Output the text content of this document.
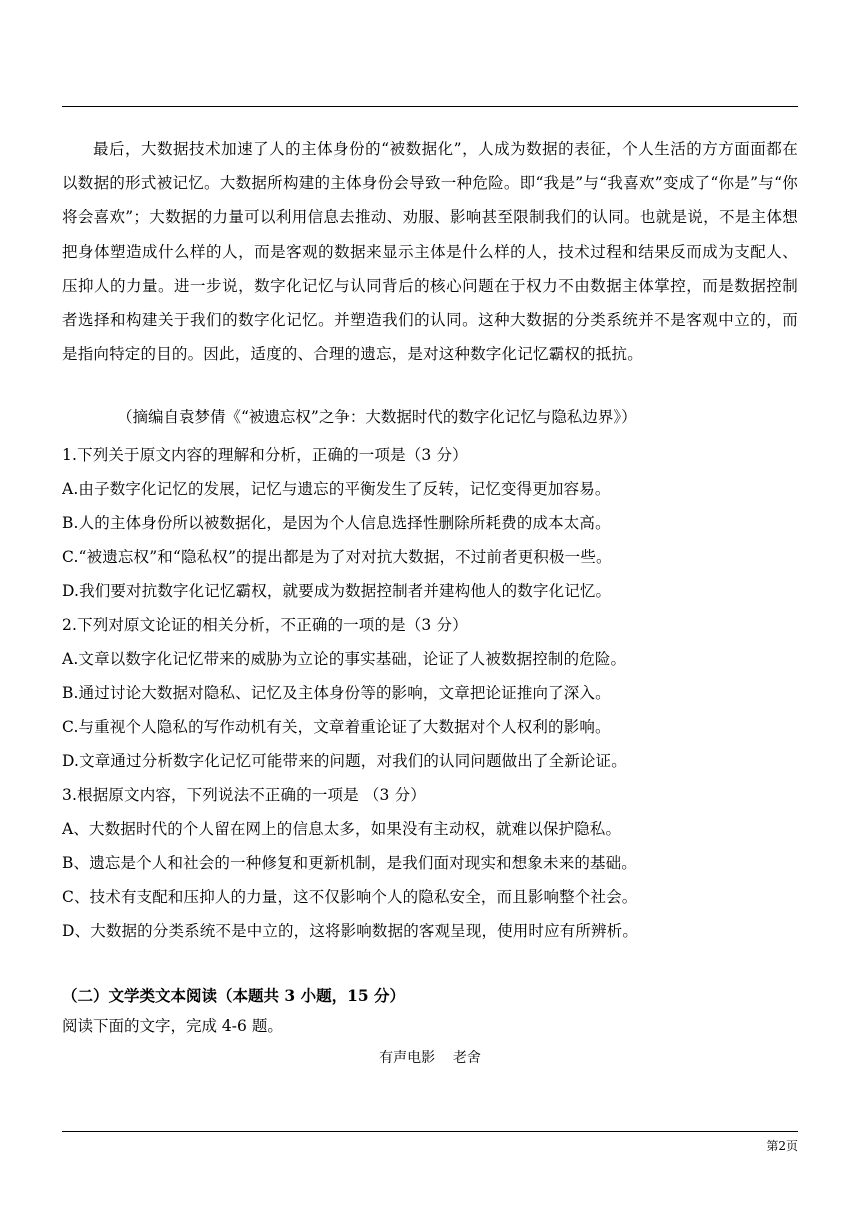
最后，大数据技术加速了人的主体身份的“被数据化”，人成为数据的表征，个人生活的方方面面都在以数据的形式被记忆。大数据所构建的主体身份会导致一种危险。即“我是”与“我喜欢”变成了“你是”与“你将会喜欢”；大数据的力量可以利用信息去推动、劝服、影响甚至限制我们的认同。也就是说，不是主体想把身体塑造成什么样的人，而是客观的数据来显示主体是什么样的人，技术过程和结果反而成为支配人、压抑人的力量。进一步说，数字化记忆与认同背后的核心问题在于权力不由数据主体掌控，而是数据控制者选择和构建关于我们的数字化记忆。并塑造我们的认同。这种大数据的分类系统并不是客观中立的，而是指向特定的目的。因此，适度的、合理的遗忘，是对这种数字化记忆霸权的抵抗。

（摘编自袁梦倩《“被遗忘权”之争：大数据时代的数字化记忆与隐私边界》）
1.下列关于原文内容的理解和分析，正确的一项是（3 分）
A.由子数字化记忆的发展，记忆与遗忘的平衡发生了反转，记忆变得更加容易。
B.人的主体身份所以被数据化，是因为个人信息选择性删除所耗费的成本太高。
C.“被遗忘权”和“隐私权”的提出都是为了对对抗大数据，不过前者更积极一些。
D.我们要对抗数字化记忆霸权，就要成为数据控制者并建构他人的数字化记忆。
2.下列对原文论证的相关分析，不正确的一项的是（3 分）
A.文章以数字化记忆带来的威胁为立论的事实基础，论证了人被数据控制的危险。
B.通过讨论大数据对隐私、记忆及主体身份等的影响，文章把论证推向了深入。
C.与重视个人隐私的写作动机有关，文章着重论证了大数据对个人权利的影响。
D.文章通过分析数字化记忆可能带来的问题，对我们的认同问题做出了全新论证。
3.根据原文内容，下列说法不正确的一项是 （3 分）
A、大数据时代的个人留在网上的信息太多，如果没有主动权，就难以保护隐私。
B、遗忘是个人和社会的一种修复和更新机制，是我们面对现实和想象未来的基础。
C、技术有支配和压抑人的力量，这不仅影响个人的隐私安全，而且影响整个社会。
D、大数据的分类系统不是中立的，这将影响数据的客观呈现，使用时应有所辨析。
（二）文学类文本阅读（本题共 3 小题，15 分）
阅读下面的文字，完成 4-6 题。
有声电影    老舍
第2页
